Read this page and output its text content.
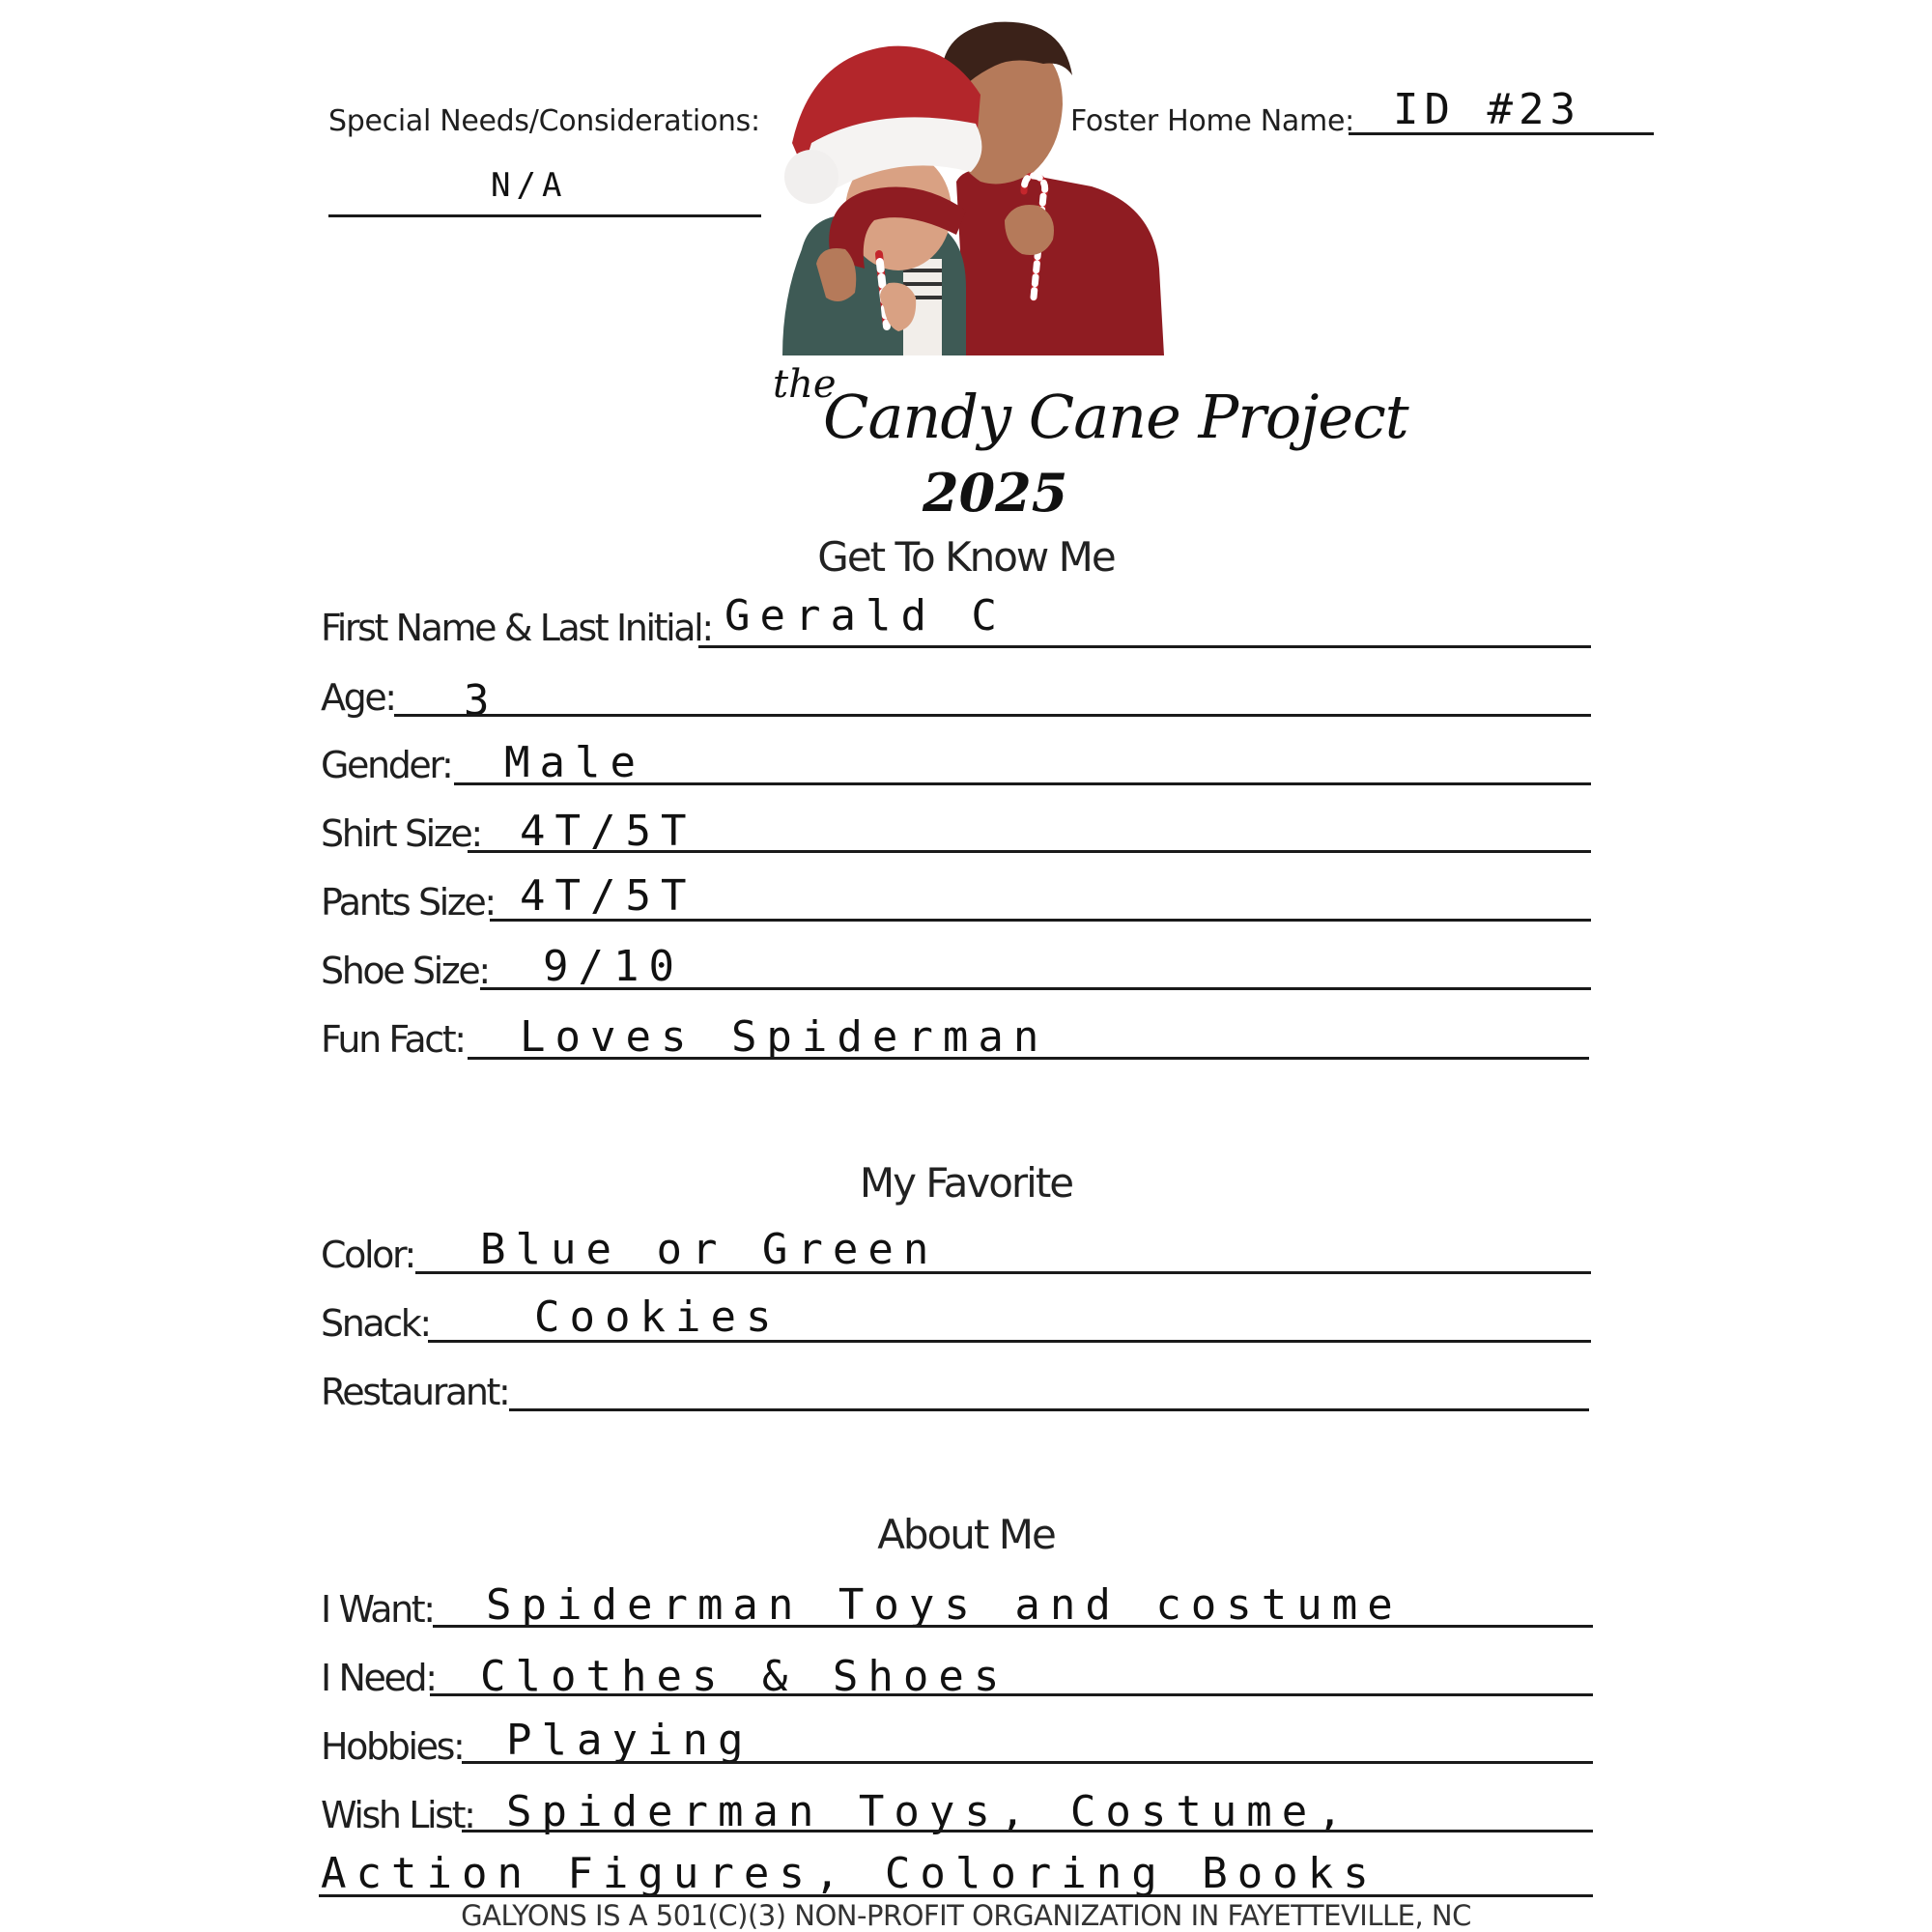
Special Needs/Considerations:
N/A
Foster Home Name: ID #23
the
Candy Cane Project
2025
Get To Know Me
First Name & Last Initial: Gerald C
Age: 3
Gender: Male
Shirt Size: 4T/5T
Pants Size: 4T/5T
Shoe Size: 9/10
Fun Fact: Loves Spiderman
My Favorite
Color: Blue or Green
Snack: Cookies
Restaurant:
About Me
I Want: Spiderman Toys and costume
I Need: Clothes & Shoes
Hobbies: Playing
Wish List: Spiderman Toys, Costume,
Action Figures, Coloring Books
GALYONS IS A 501(C)(3) NON-PROFIT ORGANIZATION IN FAYETTEVILLE, NC
